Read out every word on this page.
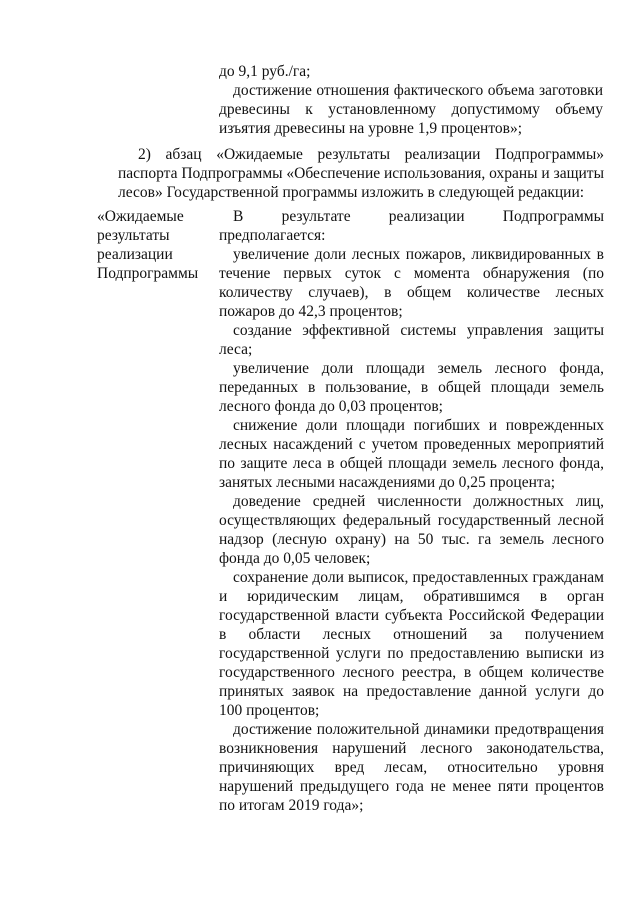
до 9,1 руб./га;

достижение отношения фактического объема заготовки древесины к установленному допустимому объему изъятия древесины на уровне 1,9 процентов»;

2) абзац «Ожидаемые результаты реализации Подпрограммы» паспорта Подпрограммы «Обеспечение использования, охраны и защиты лесов» Государственной программы изложить в следующей редакции:

«Ожидаемые
результаты
реализации
Подпрограммы

В результате реализации Подпрограммы предполагается:

увеличение доли лесных пожаров, ликвидированных в течение первых суток с момента обнаружения (по количеству случаев), в общем количестве лесных пожаров до 42,3 процентов;

создание эффективной системы управления защиты леса;

увеличение доли площади земель лесного фонда, переданных в пользование, в общей площади земель лесного фонда до 0,03 процентов;

снижение доли площади погибших и поврежденных лесных насаждений с учетом проведенных мероприятий по защите леса в общей площади земель лесного фонда, занятых лесными насаждениями до 0,25 процента;

доведение средней численности должностных лиц, осуществляющих федеральный государственный лесной надзор (лесную охрану) на 50 тыс. га земель лесного фонда до 0,05 человек;

сохранение доли выписок, предоставленных гражданам и юридическим лицам, обратившимся в орган государственной власти субъекта Российской Федерации в области лесных отношений за получением государственной услуги по предоставлению выписки из государственного лесного реестра, в общем количестве принятых заявок на предоставление данной услуги до 100 процентов;

достижение положительной динамики предотвращения возникновения нарушений лесного законодательства, причиняющих вред лесам, относительно уровня нарушений предыдущего года не менее пяти процентов по итогам 2019 года»;
